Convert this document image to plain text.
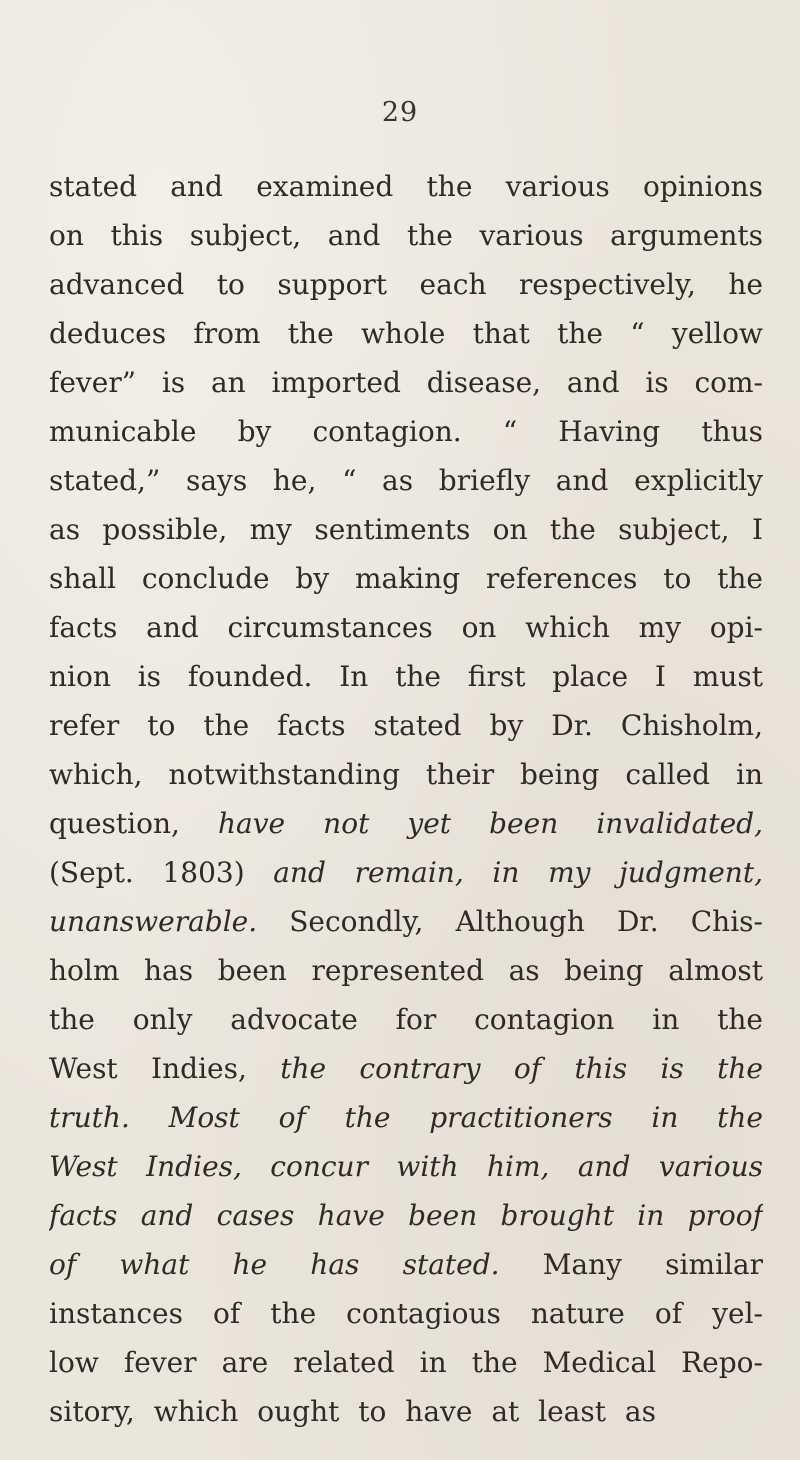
29
stated and examined the various opinions
on this subject, and the various arguments
advanced to support each respectively, he
deduces from the whole that the “ yellow
fever” is an imported disease, and is com-
municable by contagion. “ Having thus
stated,” says he, “ as briefly and explicitly
as possible, my sentiments on the subject, I
shall conclude by making references to the
facts and circumstances on which my opi-
nion is founded. In the first place I must
refer to the facts stated by Dr. Chisholm,
which, notwithstanding their being called in
question, have not yet been invalidated,
(Sept. 1803) and remain, in my judgment,
unanswerable. Secondly, Although Dr. Chis-
holm has been represented as being almost
the only advocate for contagion in the
West Indies, the contrary of this is the
truth. Most of the practitioners in the
West Indies, concur with him, and various
facts and cases have been brought in proof
of what he has stated. Many similar
instances of the contagious nature of yel-
low fever are related in the Medical Repo-
sitory, which ought to have at least as
